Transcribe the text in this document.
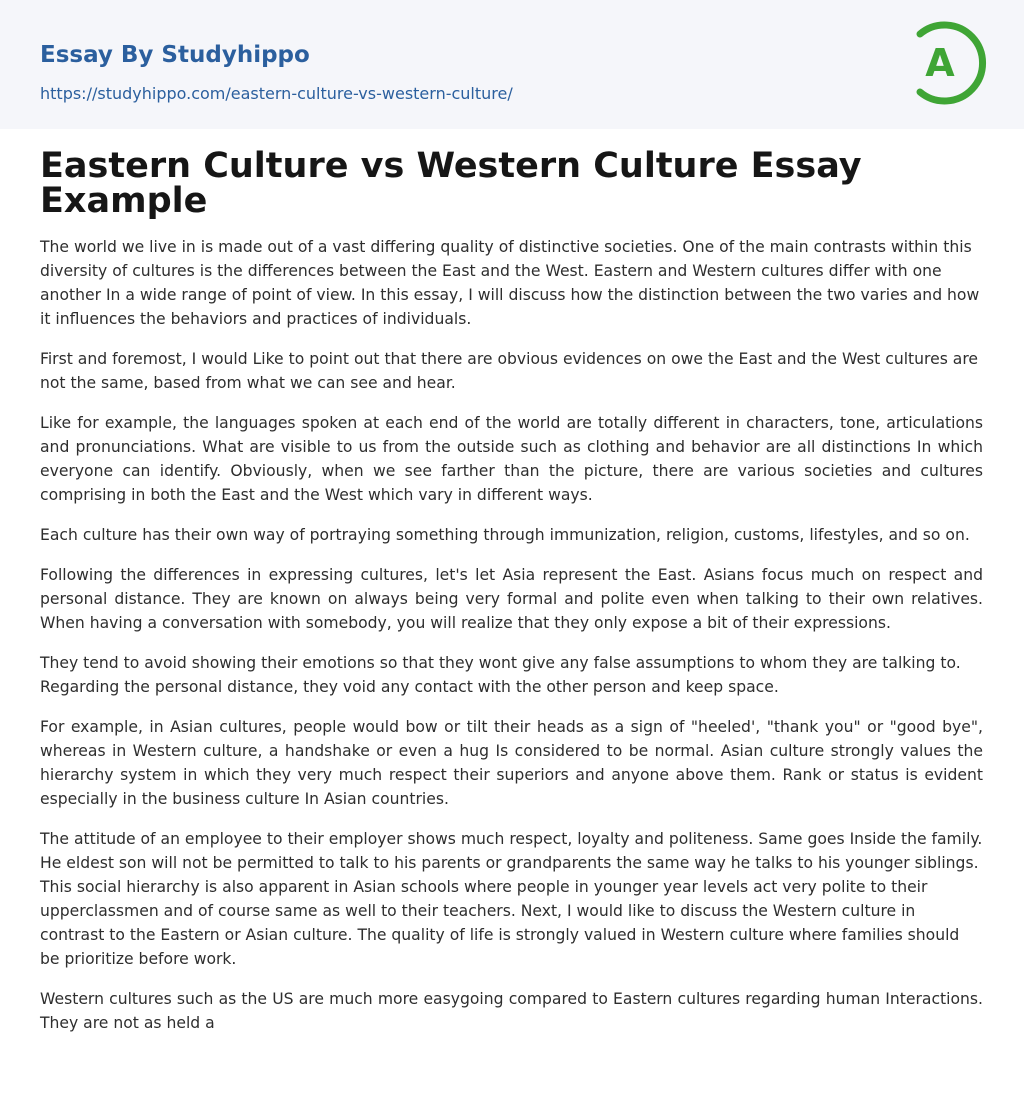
Essay By Studyhippo
https://studyhippo.com/eastern-culture-vs-western-culture/
A
Eastern Culture vs Western Culture Essay Example

The world we live in is made out of a vast differing quality of distinctive societies. One of the main contrasts within this diversity of cultures is the differences between the East and the West. Eastern and Western cultures differ with one another In a wide range of point of view. In this essay, I will discuss how the distinction between the two varies and how it influences the behaviors and practices of individuals.

First and foremost, I would Like to point out that there are obvious evidences on owe the East and the West cultures are not the same, based from what we can see and hear.

Like for example, the languages spoken at each end of the world are totally different in characters, tone, articulations and pronunciations. What are visible to us from the outside such as clothing and behavior are all distinctions In which everyone can identify. Obviously, when we see farther than the picture, there are various societies and cultures comprising in both the East and the West which vary in different ways.

Each culture has their own way of portraying something through immunization, religion, customs, lifestyles, and so on.

Following the differences in expressing cultures, let's let Asia represent the East. Asians focus much on respect and personal distance. They are known on always being very formal and polite even when talking to their own relatives. When having a conversation with somebody, you will realize that they only expose a bit of their expressions.

They tend to avoid showing their emotions so that they wont give any false assumptions to whom they are talking to. Regarding the personal distance, they void any contact with the other person and keep space.

For example, in Asian cultures, people would bow or tilt their heads as a sign of "heeled', "thank you" or "good bye", whereas in Western culture, a handshake or even a hug Is considered to be normal. Asian culture strongly values the hierarchy system in which they very much respect their superiors and anyone above them. Rank or status is evident especially in the business culture In Asian countries.

The attitude of an employee to their employer shows much respect, loyalty and politeness. Same goes Inside the family. He eldest son will not be permitted to talk to his parents or grandparents the same way he talks to his younger siblings. This social hierarchy is also apparent in Asian schools where people in younger year levels act very polite to their upperclassmen and of course same as well to their teachers. Next, I would like to discuss the Western culture in contrast to the Eastern or Asian culture. The quality of life is strongly valued in Western culture where families should be prioritize before work.

Western cultures such as the US are much more easygoing compared to Eastern cultures regarding human Interactions. They are not as held a
